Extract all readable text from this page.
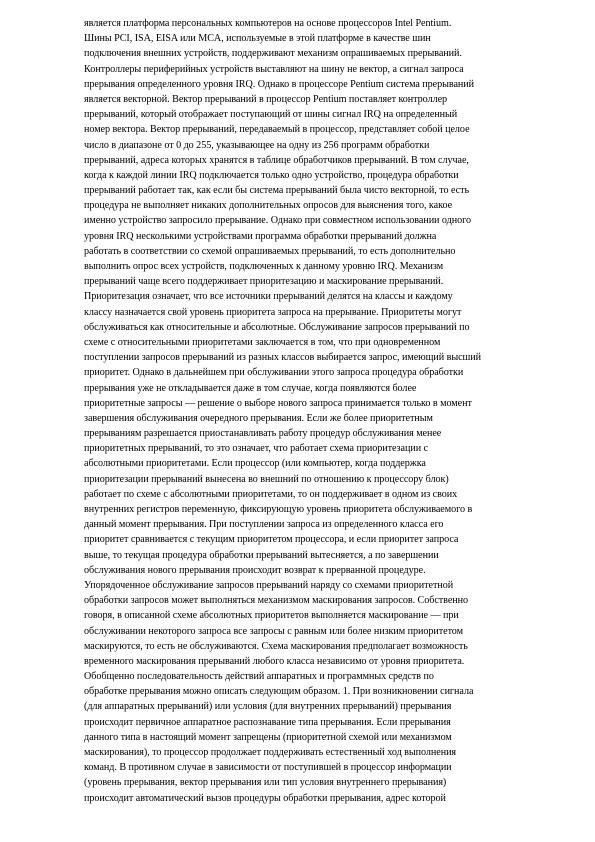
является платформа персональных компьютеров на основе процессоров Intel Pentium.
Шины PCI, ISA, EISA или MCA, используемые в этой платформе в качестве шин
подключения внешних устройств, поддерживают механизм опрашиваемых прерываний.
Контроллеры периферийных устройств выставляют на шину не вектор, а сигнал запроса
прерывания определенного уровня IRQ. Однако в процессоре Pentium система прерываний
является векторной. Вектор прерываний в процессор Pentium поставляет контроллер
прерываний, который отображает поступающий от шины сигнал IRQ на определенный
номер вектора. Вектор прерываний, передаваемый в процессор, представляет собой целое
число в диапазоне от 0 до 255, указывающее на одну из 256 программ обработки
прерываний, адреса которых хранятся в таблице обработчиков прерываний. В том случае,
когда к каждой линии IRQ подключается только одно устройство, процедура обработки
прерываний работает так, как если бы система прерываний была чисто векторной, то есть
процедура не выполняет никаких дополнительных опросов для выяснения того, какое
именно устройство запросило прерывание. Однако при совместном использовании одного
уровня IRQ несколькими устройствами программа обработки прерываний должна
работать в соответствии со схемой опрашиваемых прерываний, то есть дополнительно
выполнить опрос всех устройств, подключенных к данному уровню IRQ. Механизм
прерываний чаще всего поддерживает приоритезацию и маскирование прерываний.
Приоритезация означает, что все источники прерываний делятся на классы и каждому
классу назначается свой уровень приоритета запроса на прерывание. Приоритеты могут
обслуживаться как относительные и абсолютные. Обслуживание запросов прерываний по
схеме с относительными приоритетами заключается в том, что при одновременном
поступлении запросов прерываний из разных классов выбирается запрос, имеющий высший
приоритет. Однако в дальнейшем при обслуживании этого запроса процедура обработки
прерывания уже не откладывается даже в том случае, когда появляются более
приоритетные запросы — решение о выборе нового запроса принимается только в момент
завершения обслуживания очередного прерывания. Если же более приоритетным
прерываниям разрешается приостанавливать работу процедур обслуживания менее
приоритетных прерываний, то это означает, что работает схема приоритезации с
абсолютными приоритетами. Если процессор (или компьютер, когда поддержка
приоритезации прерываний вынесена во внешний по отношению к процессору блок)
работает по схеме с абсолютными приоритетами, то он поддерживает в одном из своих
внутренних регистров переменную, фиксирующую уровень приоритета обслуживаемого в
данный момент прерывания. При поступлении запроса из определенного класса его
приоритет сравнивается с текущим приоритетом процессора, и если приоритет запроса
выше, то текущая процедура обработки прерываний вытесняется, а по завершении
обслуживания нового прерывания происходит возврат к прерванной процедуре.
Упорядоченное обслуживание запросов прерываний наряду со схемами приоритетной
обработки запросов может выполняться механизмом маскирования запросов. Собственно
говоря, в описанной схеме абсолютных приоритетов выполняется маскирование — при
обслуживании некоторого запроса все запросы с равным или более низким приоритетом
маскируются, то есть не обслуживаются. Схема маскирования предполагает возможность
временного маскирования прерываний любого класса независимо от уровня приоритета.
Обобщенно последовательность действий аппаратных и программных средств по
обработке прерывания можно описать следующим образом. 1. При возникновении сигнала
(для аппаратных прерываний) или условия (для внутренних прерываний) прерывания
происходит первичное аппаратное распознавание типа прерывания. Если прерывания
данного типа в настоящий момент запрещены (приоритетной схемой или механизмом
маскирования), то процессор продолжает поддерживать естественный ход выполнения
команд. В противном случае в зависимости от поступившей в процессор информации
(уровень прерывания, вектор прерывания или тип условия внутреннего прерывания)
происходит автоматический вызов процедуры обработки прерывания, адрес которой
